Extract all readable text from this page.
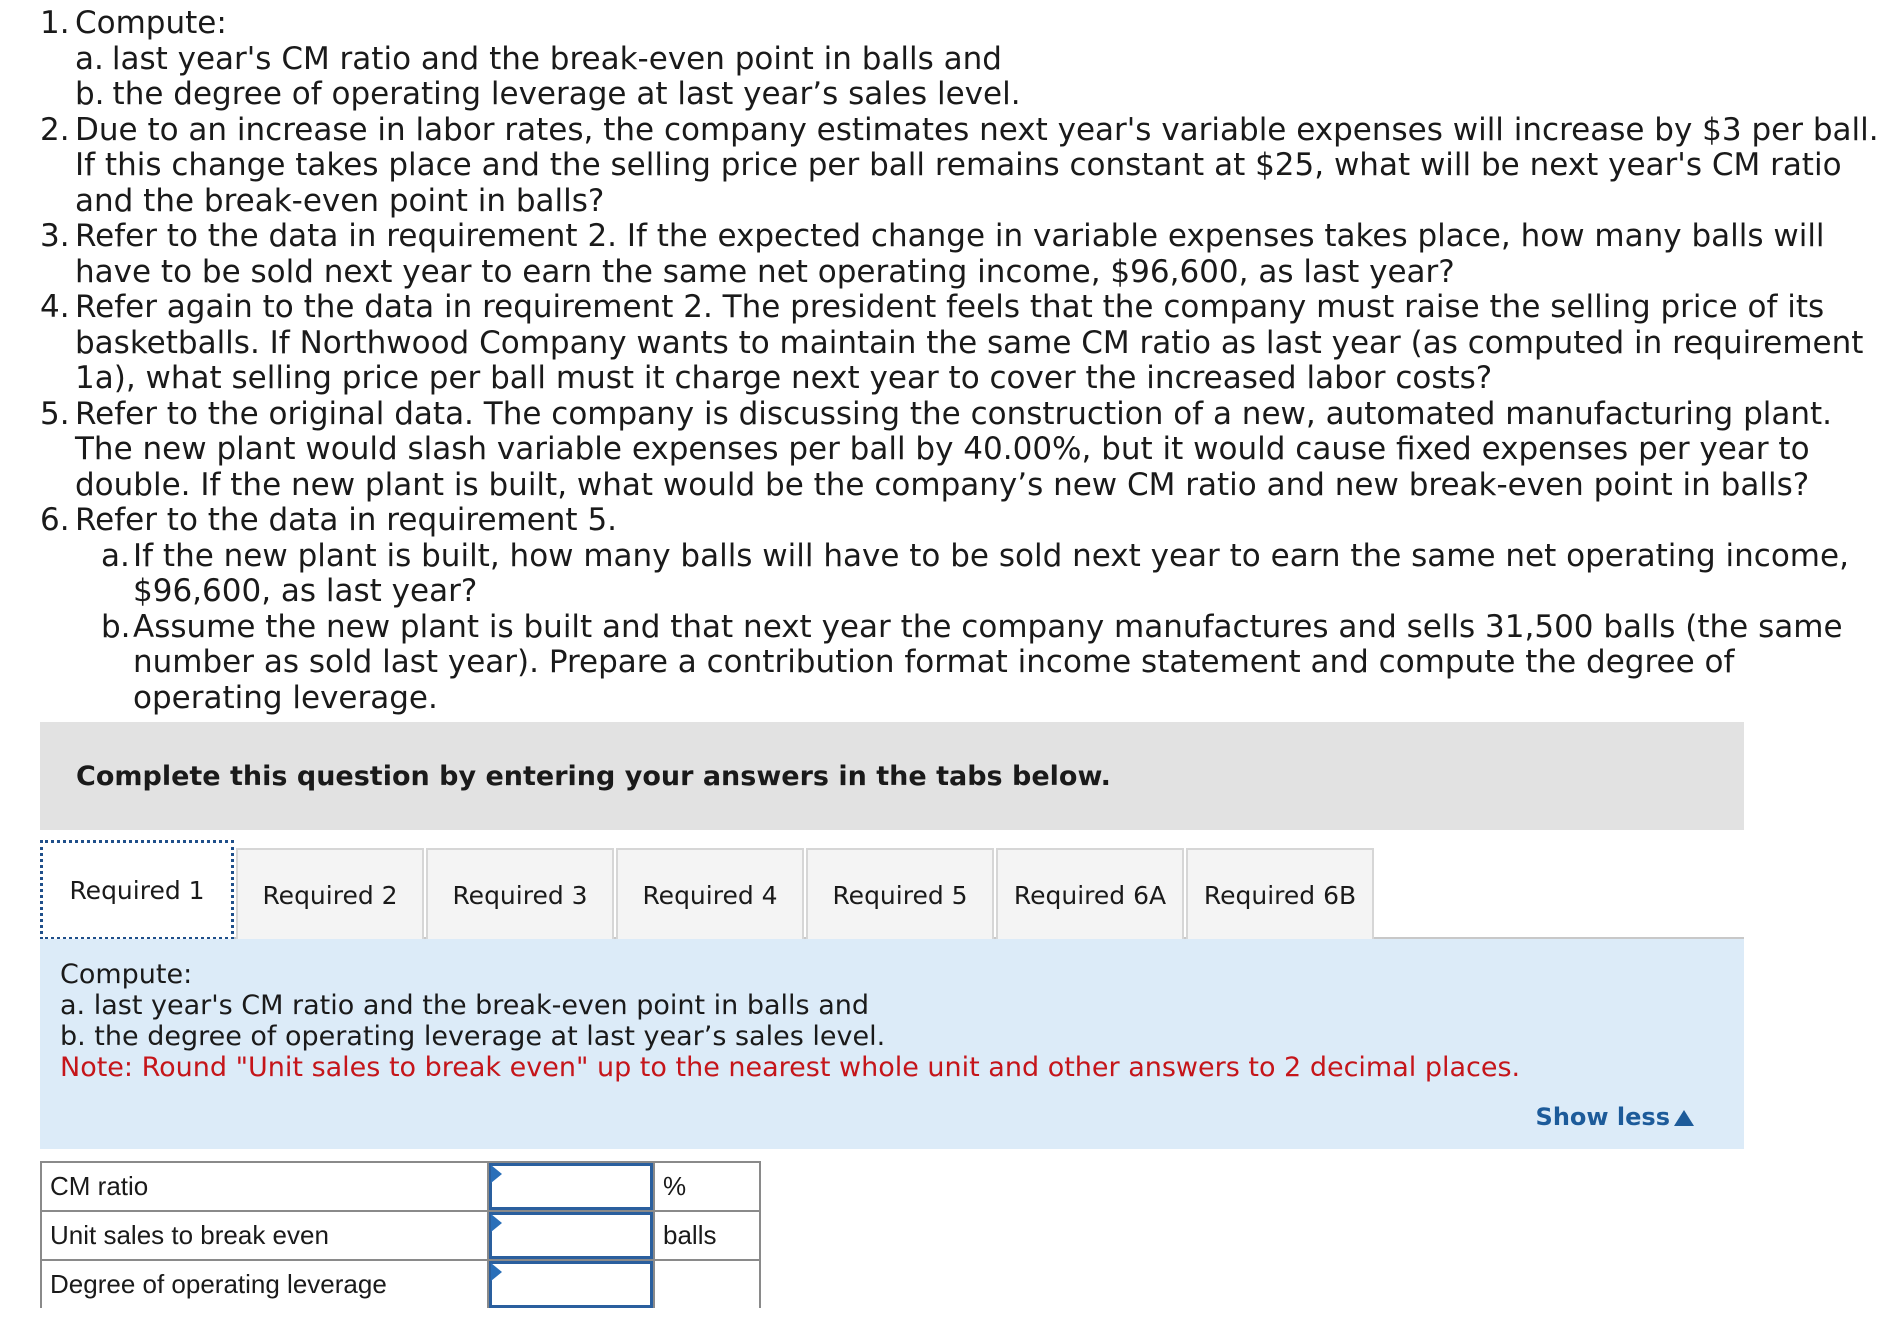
1. Compute:
a. last year's CM ratio and the break-even point in balls and
b. the degree of operating leverage at last year’s sales level.
2. Due to an increase in labor rates, the company estimates next year's variable expenses will increase by $3 per ball. If this change takes place and the selling price per ball remains constant at $25, what will be next year's CM ratio and the break-even point in balls?
3. Refer to the data in requirement 2. If the expected change in variable expenses takes place, how many balls will have to be sold next year to earn the same net operating income, $96,600, as last year?
4. Refer again to the data in requirement 2. The president feels that the company must raise the selling price of its basketballs. If Northwood Company wants to maintain the same CM ratio as last year (as computed in requirement 1a), what selling price per ball must it charge next year to cover the increased labor costs?
5. Refer to the original data. The company is discussing the construction of a new, automated manufacturing plant. The new plant would slash variable expenses per ball by 40.00%, but it would cause fixed expenses per year to double. If the new plant is built, what would be the company’s new CM ratio and new break-even point in balls?
6. Refer to the data in requirement 5.
a. If the new plant is built, how many balls will have to be sold next year to earn the same net operating income, $96,600, as last year?
b. Assume the new plant is built and that next year the company manufactures and sells 31,500 balls (the same number as sold last year). Prepare a contribution format income statement and compute the degree of operating leverage.
Complete this question by entering your answers in the tabs below.
Required 1	Required 2	Required 3	Required 4	Required 5	Required 6A	Required 6B
Compute:
a. last year's CM ratio and the break-even point in balls and
b. the degree of operating leverage at last year’s sales level.
Note: Round "Unit sales to break even" up to the nearest whole unit and other answers to 2 decimal places.
Show less
CM ratio		%
Unit sales to break even		balls
Degree of operating leverage	
